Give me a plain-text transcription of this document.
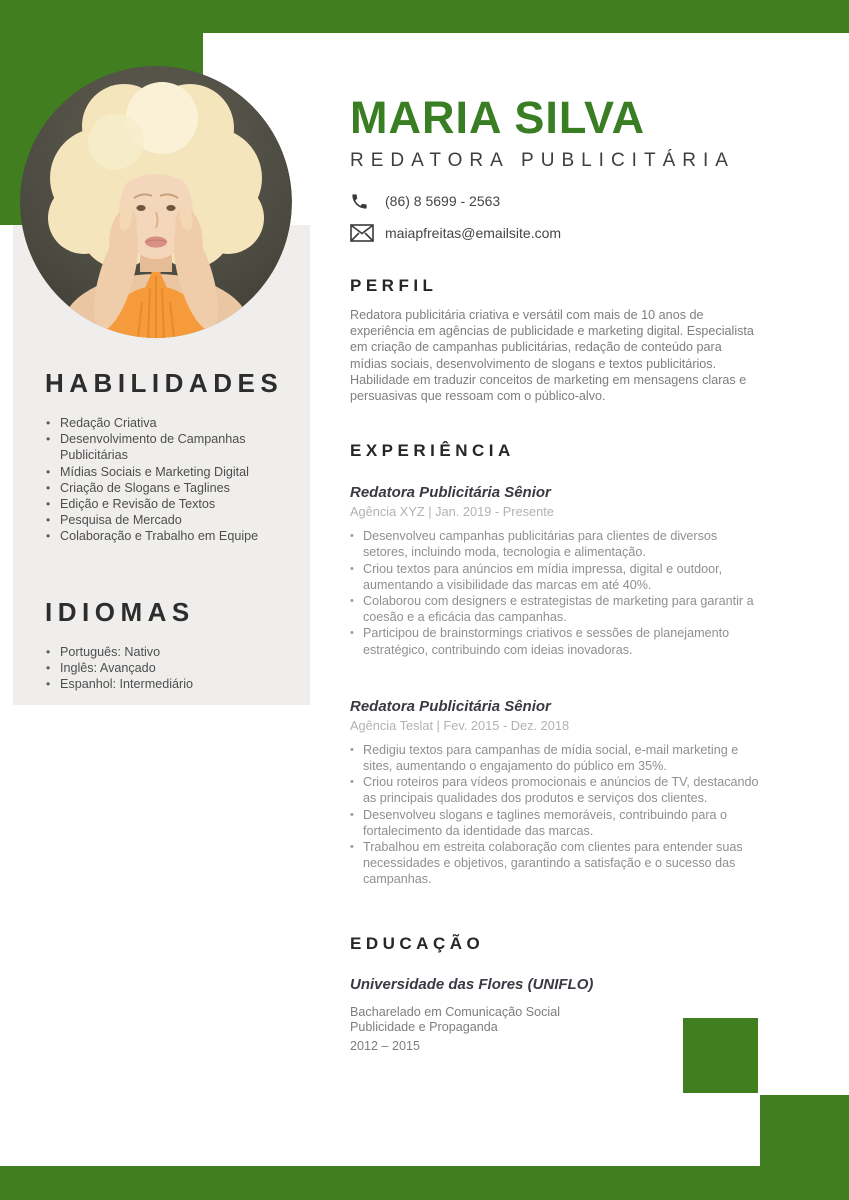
HABILIDADES
• Redação Criativa
• Desenvolvimento de Campanhas Publicitárias
• Mídias Sociais e Marketing Digital
• Criação de Slogans e Taglines
• Edição e Revisão de Textos
• Pesquisa de Mercado
• Colaboração e Trabalho em Equipe
IDIOMAS
• Português: Nativo
• Inglês: Avançado
• Espanhol: Intermediário
MARIA SILVA
REDATORA PUBLICITÁRIA
(86) 8 5699 - 2563
maiapfreitas@emailsite.com
PERFIL

Redatora publicitária criativa e versátil com mais de 10 anos de experiência em agências de publicidade e marketing digital. Especialista em criação de campanhas publicitárias, redação de conteúdo para mídias sociais, desenvolvimento de slogans e textos publicitários. Habilidade em traduzir conceitos de marketing em mensagens claras e persuasivas que ressoam com o público-alvo.

EXPERIÊNCIA
Redatora Publicitária Sênior
Agência XYZ | Jan. 2019 - Presente
• Desenvolveu campanhas publicitárias para clientes de diversos setores, incluindo moda, tecnologia e alimentação.
• Criou textos para anúncios em mídia impressa, digital e outdoor, aumentando a visibilidade das marcas em até 40%.
• Colaborou com designers e estrategistas de marketing para garantir a coesão e a eficácia das campanhas.
• Participou de brainstormings criativos e sessões de planejamento estratégico, contribuindo com ideias inovadoras.
Redatora Publicitária Sênior
Agência Teslat | Fev. 2015 - Dez. 2018
• Redigiu textos para campanhas de mídia social, e-mail marketing e sites, aumentando o engajamento do público em 35%.
• Criou roteiros para vídeos promocionais e anúncios de TV, destacando as principais qualidades dos produtos e serviços dos clientes.
• Desenvolveu slogans e taglines memoráveis, contribuindo para o fortalecimento da identidade das marcas.
• Trabalhou em estreita colaboração com clientes para entender suas necessidades e objetivos, garantindo a satisfação e o sucesso das campanhas.
EDUCAÇÃO
Universidade das Flores (UNIFLO)
Bacharelado em Comunicação Social
Publicidade e Propaganda
2012 – 2015
